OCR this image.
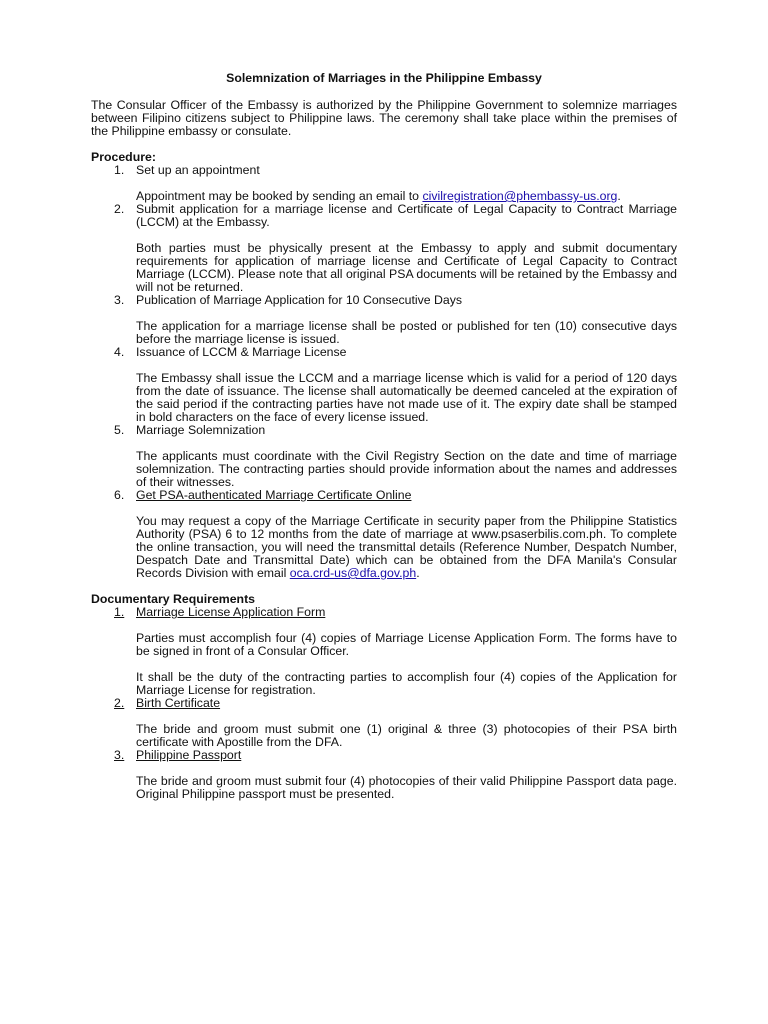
Solemnization of Marriages in the Philippine Embassy

The Consular Officer of the Embassy is authorized by the Philippine Government to solemnize marriages between Filipino citizens subject to Philippine laws. The ceremony shall take place within the premises of the Philippine embassy or consulate.

Procedure:

1. Set up an appointment
Appointment may be booked by sending an email to civilregistration@phembassy-us.org.
2. Submit application for a marriage license and Certificate of Legal Capacity to Contract Marriage (LCCM) at the Embassy.
Both parties must be physically present at the Embassy to apply and submit documentary requirements for application of marriage license and Certificate of Legal Capacity to Contract Marriage (LCCM). Please note that all original PSA documents will be retained by the Embassy and will not be returned.
3. Publication of Marriage Application for 10 Consecutive Days
The application for a marriage license shall be posted or published for ten (10) consecutive days before the marriage license is issued.
4. Issuance of LCCM & Marriage License
The Embassy shall issue the LCCM and a marriage license which is valid for a period of 120 days from the date of issuance. The license shall automatically be deemed canceled at the expiration of the said period if the contracting parties have not made use of it. The expiry date shall be stamped in bold characters on the face of every license issued.
5. Marriage Solemnization
The applicants must coordinate with the Civil Registry Section on the date and time of marriage solemnization. The contracting parties should provide information about the names and addresses of their witnesses.
6. Get PSA-authenticated Marriage Certificate Online
You may request a copy of the Marriage Certificate in security paper from the Philippine Statistics Authority (PSA) 6 to 12 months from the date of marriage at www.psaserbilis.com.ph. To complete the online transaction, you will need the transmittal details (Reference Number, Despatch Number, Despatch Date and Transmittal Date) which can be obtained from the DFA Manila's Consular Records Division with email oca.crd-us@dfa.gov.ph.

Documentary Requirements

1. Marriage License Application Form
Parties must accomplish four (4) copies of Marriage License Application Form. The forms have to be signed in front of a Consular Officer.
It shall be the duty of the contracting parties to accomplish four (4) copies of the Application for Marriage License for registration.
2. Birth Certificate
The bride and groom must submit one (1) original & three (3) photocopies of their PSA birth certificate with Apostille from the DFA.
3. Philippine Passport
The bride and groom must submit four (4) photocopies of their valid Philippine Passport data page. Original Philippine passport must be presented.
